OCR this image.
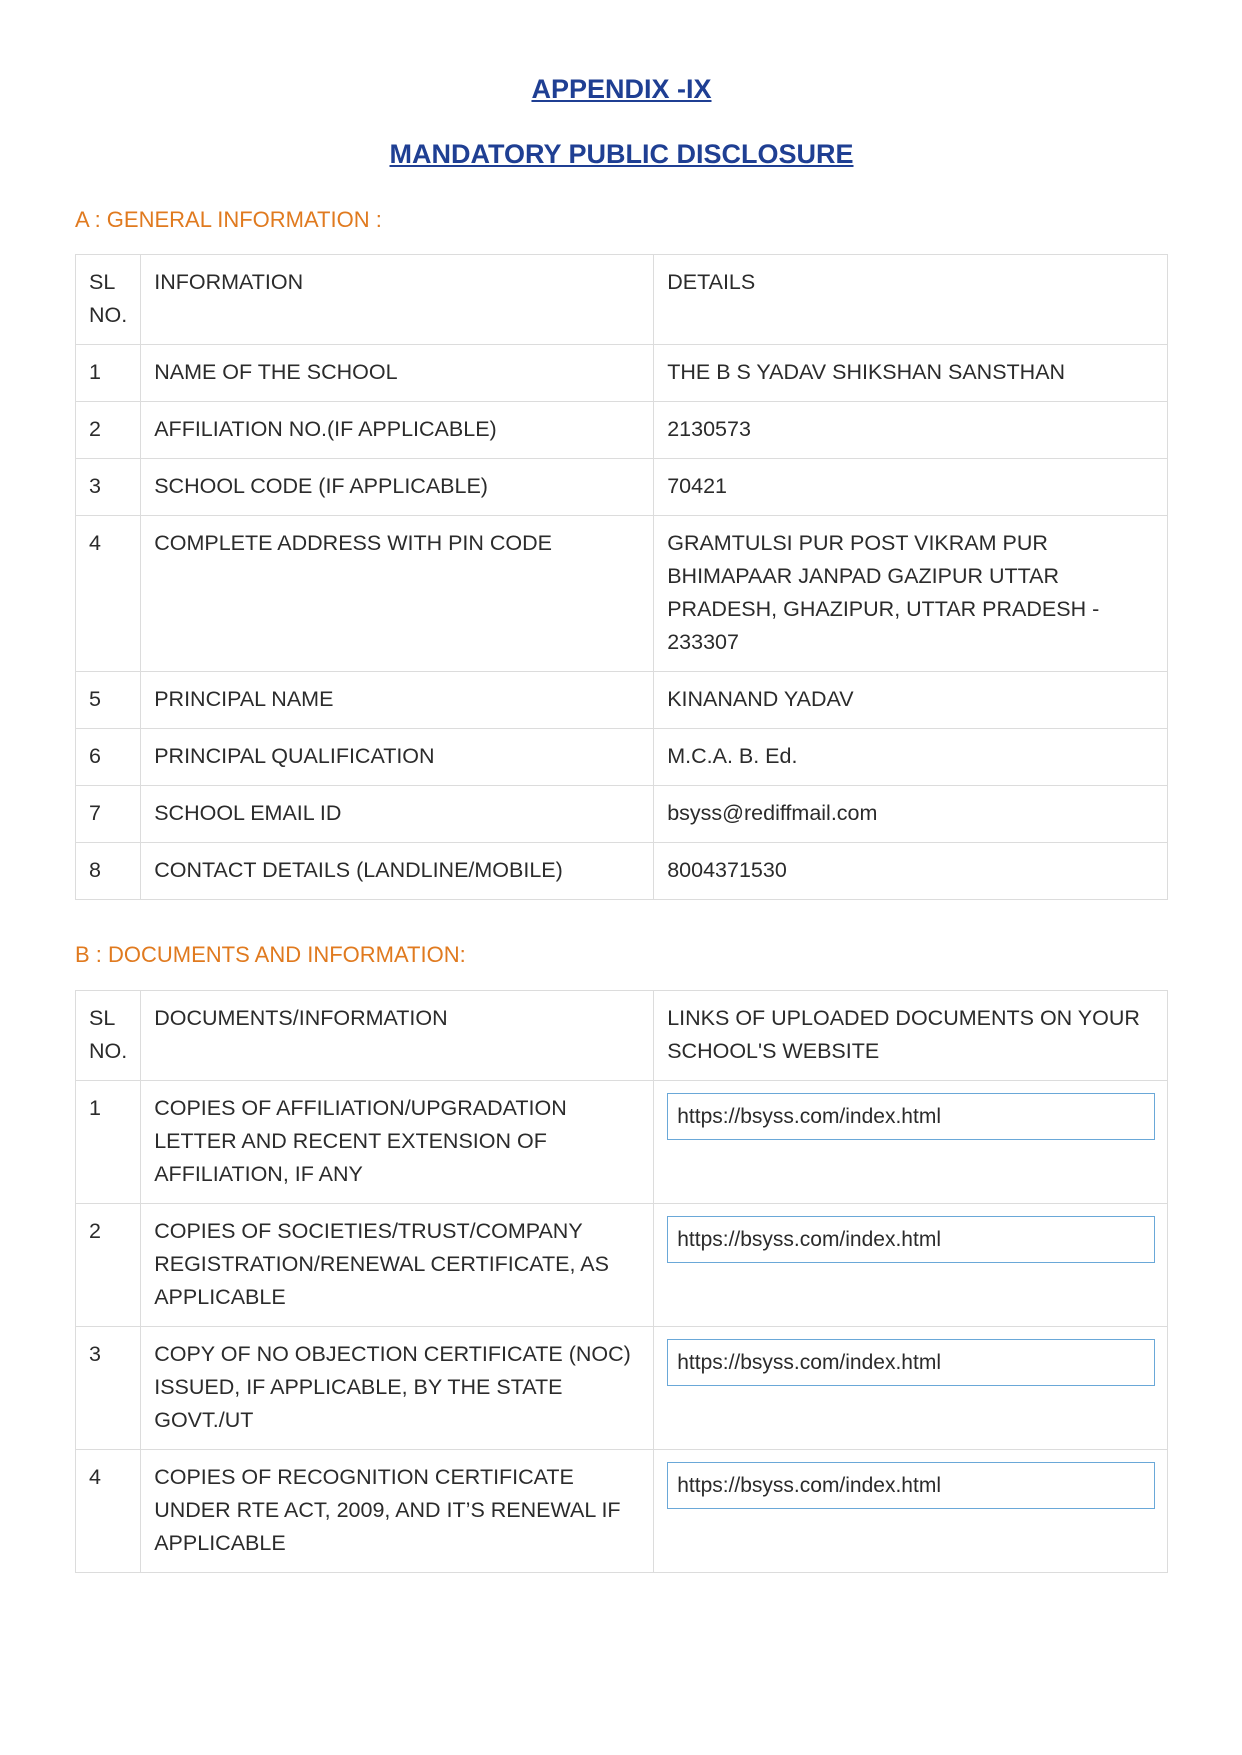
APPENDIX -IX
MANDATORY PUBLIC DISCLOSURE

A : GENERAL INFORMATION :

SL NO.	INFORMATION	DETAILS
1	NAME OF THE SCHOOL	THE B S YADAV SHIKSHAN SANSTHAN
2	AFFILIATION NO.(IF APPLICABLE)	2130573
3	SCHOOL CODE (IF APPLICABLE)	70421
4	COMPLETE ADDRESS WITH PIN CODE	GRAMTULSI PUR POST VIKRAM PUR BHIMAPAAR JANPAD GAZIPUR UTTAR PRADESH, GHAZIPUR, UTTAR PRADESH - 233307
5	PRINCIPAL NAME	KINANAND YADAV
6	PRINCIPAL QUALIFICATION	M.C.A. B. Ed.
7	SCHOOL EMAIL ID	bsyss@rediffmail.com
8	CONTACT DETAILS (LANDLINE/MOBILE)	8004371530

B : DOCUMENTS AND INFORMATION:

SL NO.	DOCUMENTS/INFORMATION	LINKS OF UPLOADED DOCUMENTS ON YOUR SCHOOL'S WEBSITE
1	COPIES OF AFFILIATION/UPGRADATION LETTER AND RECENT EXTENSION OF AFFILIATION, IF ANY	https://bsyss.com/index.html

2	COPIES OF SOCIETIES/TRUST/COMPANY REGISTRATION/RENEWAL CERTIFICATE, AS APPLICABLE	https://bsyss.com/index.html

3	COPY OF NO OBJECTION CERTIFICATE (NOC) ISSUED, IF APPLICABLE, BY THE STATE GOVT./UT	https://bsyss.com/index.html

4	COPIES OF RECOGNITION CERTIFICATE UNDER RTE ACT, 2009, AND IT’S RENEWAL IF APPLICABLE	https://bsyss.com/index.html
